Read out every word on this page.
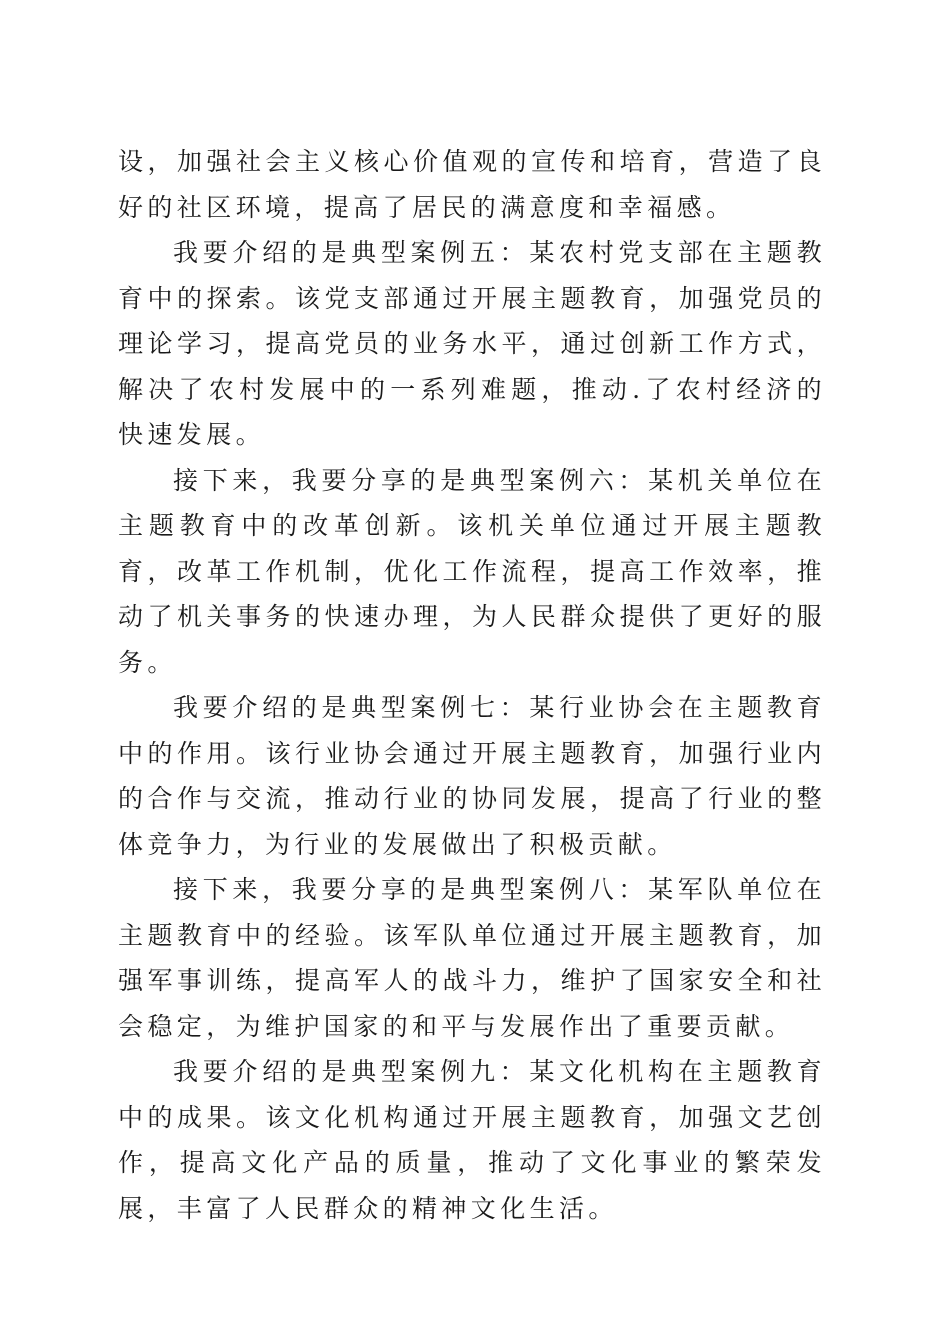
设，加强社会主义核心价值观的宣传和培育，营造了良好的社区环境，提高了居民的满意度和幸福感。

我要介绍的是典型案例五：某农村党支部在主题教育中的探索。该党支部通过开展主题教育，加强党员的理论学习，提高党员的业务水平，通过创新工作方式，解决了农村发展中的一系列难题，推动.了农村经济的快速发展。

接下来，我要分享的是典型案例六：某机关单位在主题教育中的改革创新。该机关单位通过开展主题教育，改革工作机制，优化工作流程，提高工作效率，推动了机关事务的快速办理，为人民群众提供了更好的服务。

我要介绍的是典型案例七：某行业协会在主题教育中的作用。该行业协会通过开展主题教育，加强行业内的合作与交流，推动行业的协同发展，提高了行业的整体竞争力，为行业的发展做出了积极贡献。

接下来，我要分享的是典型案例八：某军队单位在主题教育中的经验。该军队单位通过开展主题教育，加强军事训练，提高军人的战斗力，维护了国家安全和社会稳定，为维护国家的和平与发展作出了重要贡献。

我要介绍的是典型案例九：某文化机构在主题教育中的成果。该文化机构通过开展主题教育，加强文艺创作，提高文化产品的质量，推动了文化事业的繁荣发展，丰富了人民群众的精神文化生活。
